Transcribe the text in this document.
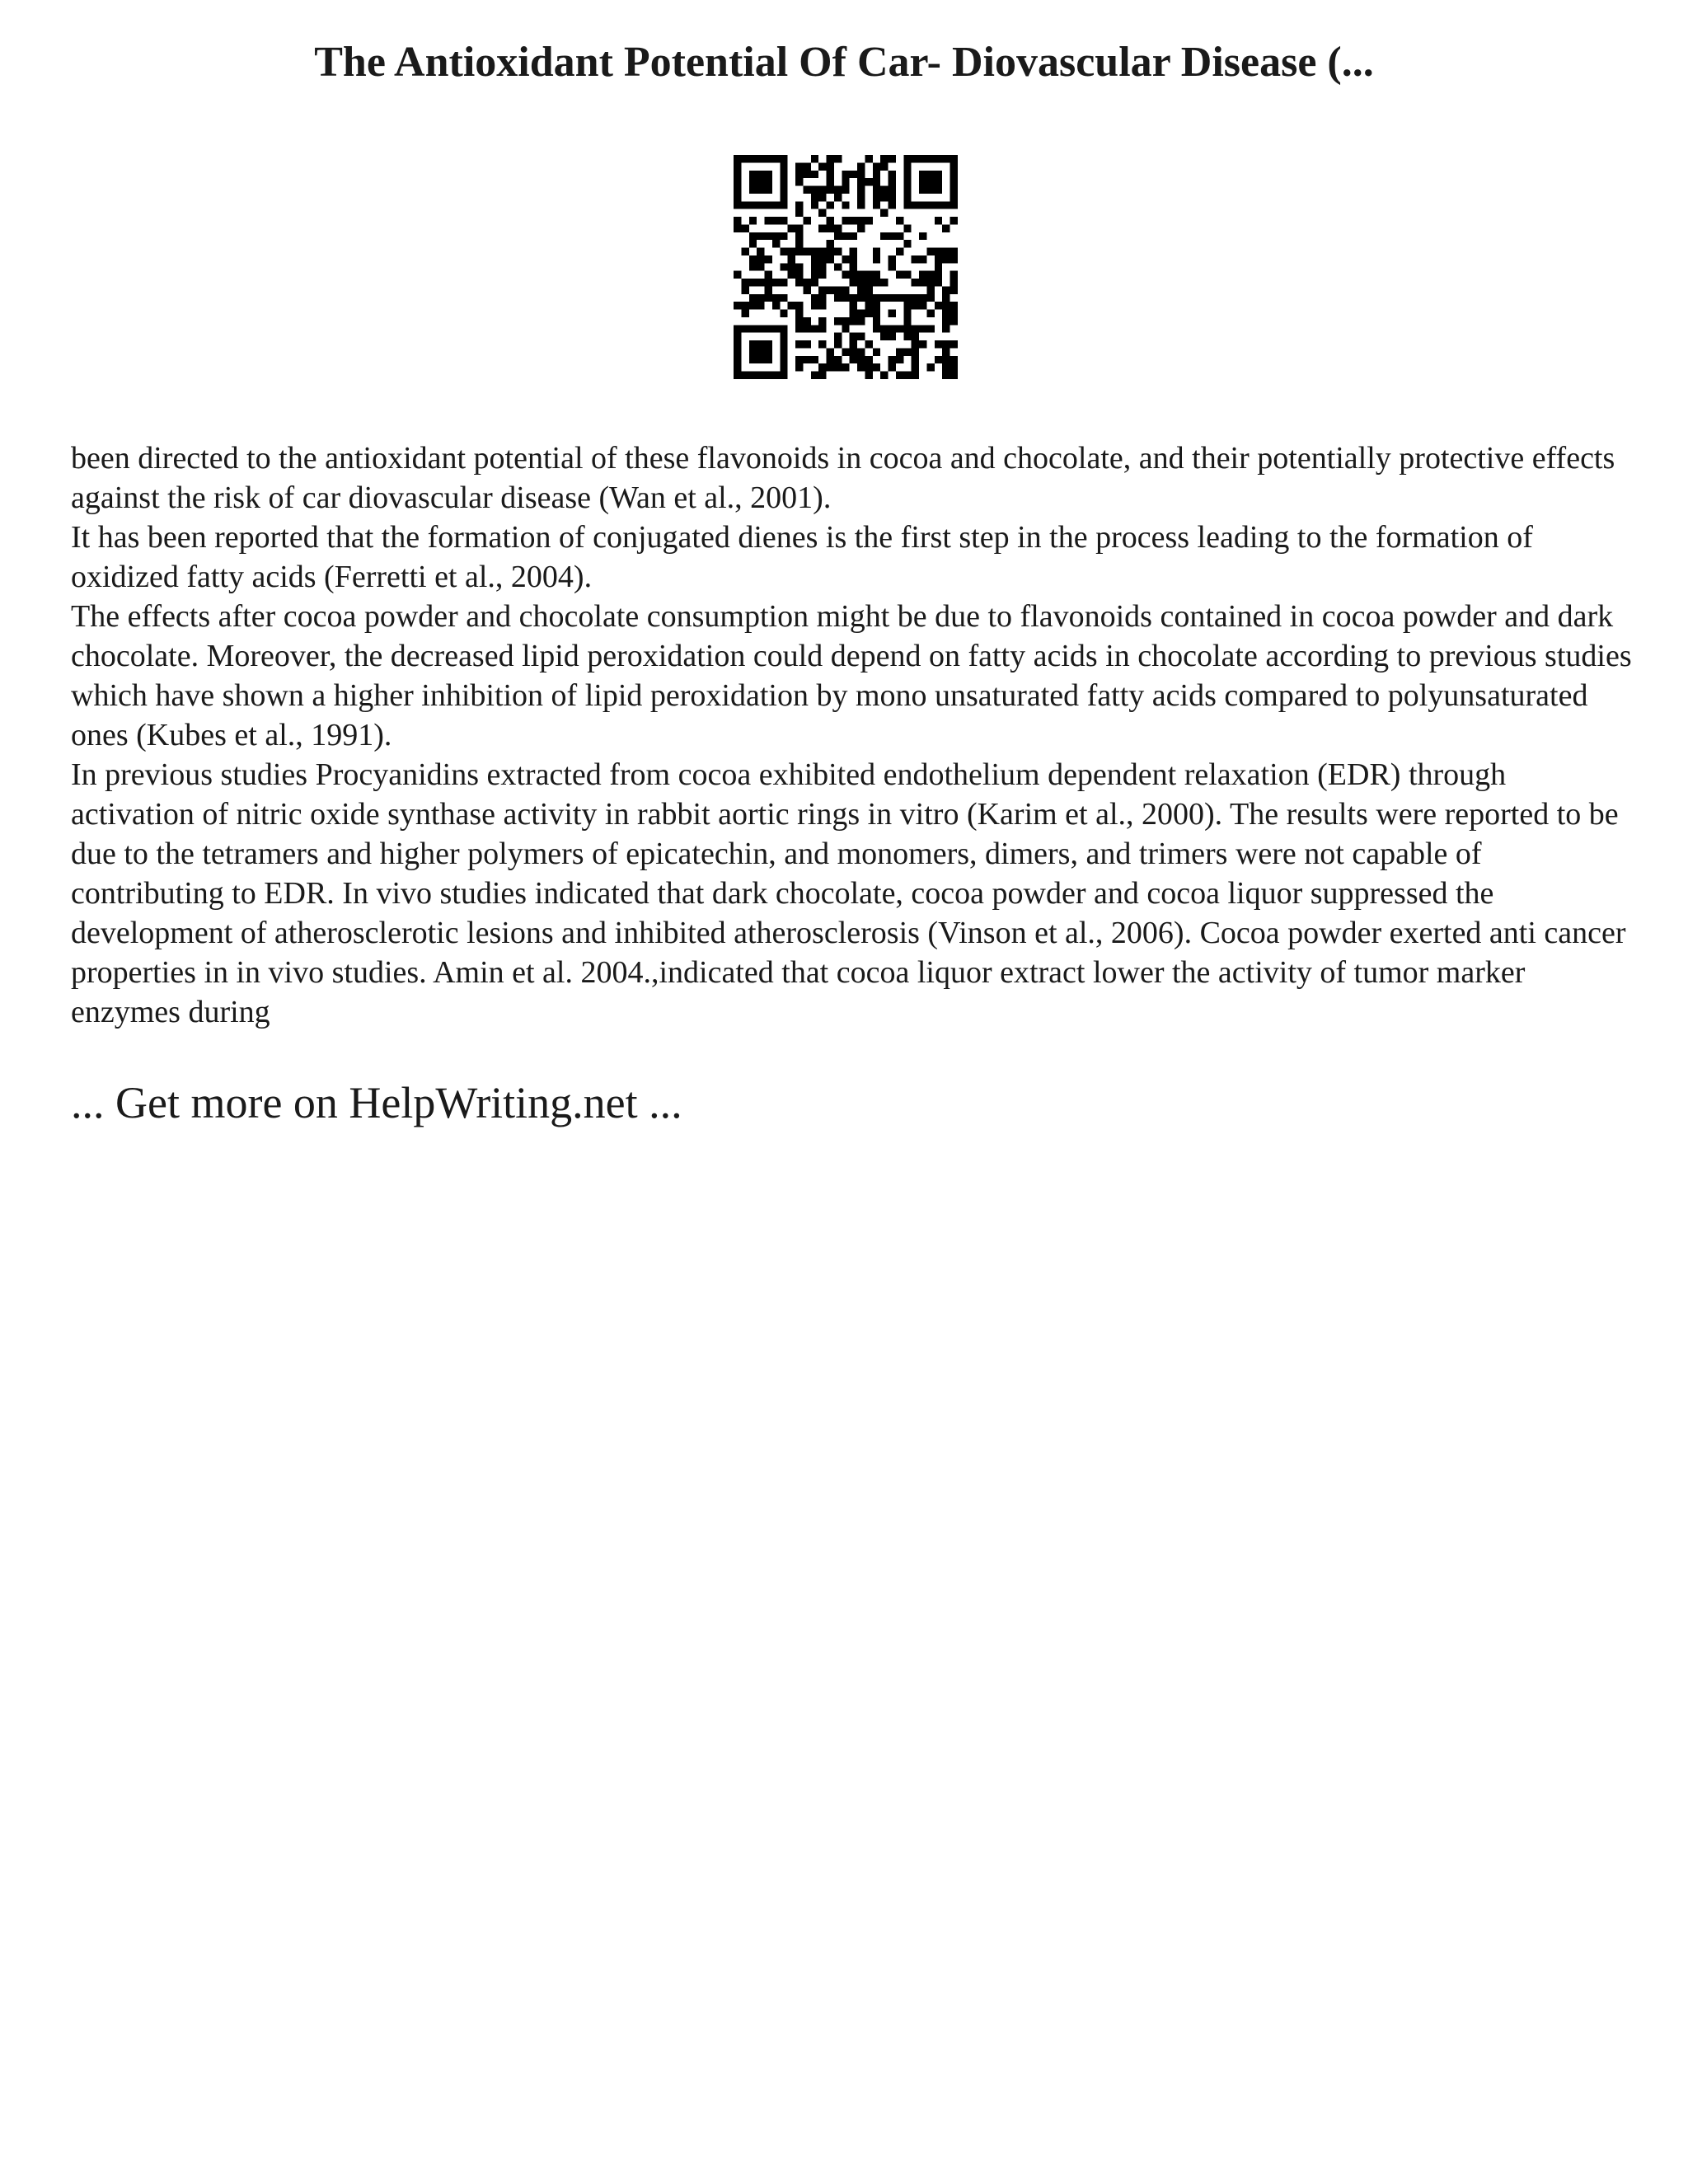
The Antioxidant Potential Of Car- Diovascular Disease (...

been directed to the antioxidant potential of these flavonoids in cocoa and chocolate, and their potentially protective effects against the risk of car diovascular disease (Wan et al., 2001).

It has been reported that the formation of conjugated dienes is the first step in the process leading to the formation of oxidized fatty acids (Ferretti et al., 2004).

The effects after cocoa powder and chocolate consumption might be due to flavonoids contained in cocoa powder and dark chocolate. Moreover, the decreased lipid peroxidation could depend on fatty acids in chocolate according to previous studies which have shown a higher inhibition of lipid peroxidation by mono unsaturated fatty acids compared to polyunsaturated ones (Kubes et al., 1991).

In previous studies Procyanidins extracted from cocoa exhibited endothelium dependent relaxation (EDR) through activation of nitric oxide synthase activity in rabbit aortic rings in vitro (Karim et al., 2000). The results were reported to be due to the tetramers and higher polymers of epicatechin, and monomers, dimers, and trimers were not capable of contributing to EDR. In vivo studies indicated that dark chocolate, cocoa powder and cocoa liquor suppressed the development of atherosclerotic lesions and inhibited atherosclerosis (Vinson et al., 2006). Cocoa powder exerted anti cancer properties in in vivo studies. Amin et al. 2004.,indicated that cocoa liquor extract lower the activity of tumor marker enzymes during

... Get more on HelpWriting.net ...
